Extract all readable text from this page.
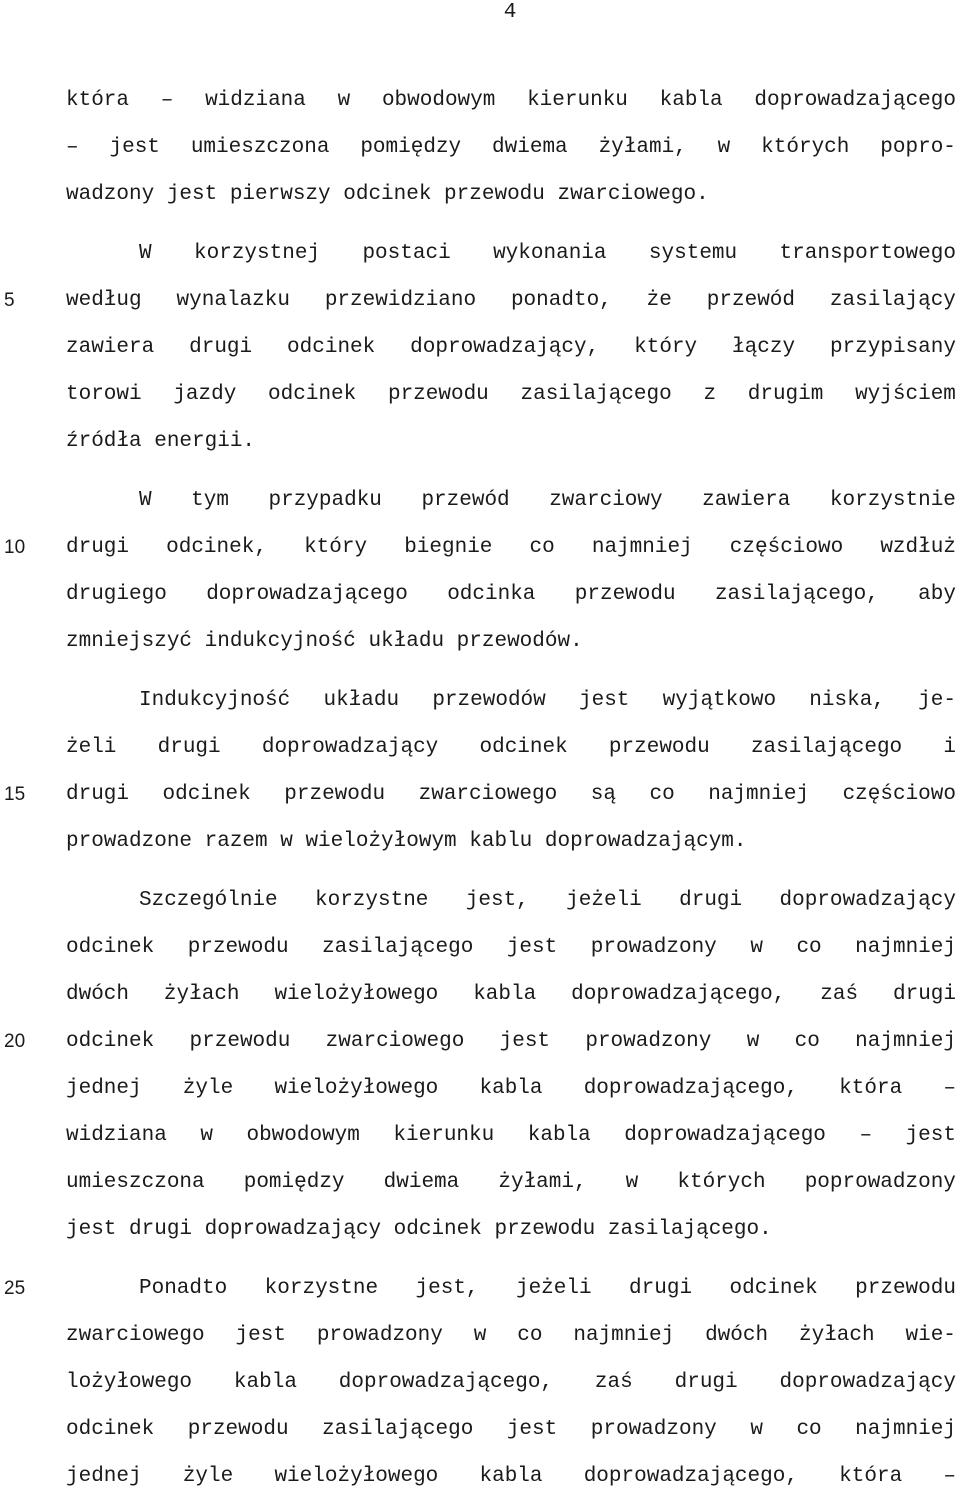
4
która – widziana w obwodowym kierunku kabla doprowadzającego
– jest umieszczona pomiędzy dwiema żyłami, w których popro-
wadzony jest pierwszy odcinek przewodu zwarciowego.
W korzystnej postaci wykonania systemu transportowego
według wynalazku przewidziano ponadto, że przewód zasilający
zawiera drugi odcinek doprowadzający, który łączy przypisany
torowi jazdy odcinek przewodu zasilającego z drugim wyjściem
źródła energii.
W tym przypadku przewód zwarciowy zawiera korzystnie
drugi odcinek, który biegnie co najmniej częściowo wzdłuż
drugiego doprowadzającego odcinka przewodu zasilającego, aby
zmniejszyć indukcyjność układu przewodów.
Indukcyjność układu przewodów jest wyjątkowo niska, je-
żeli drugi doprowadzający odcinek przewodu zasilającego i
drugi odcinek przewodu zwarciowego są co najmniej częściowo
prowadzone razem w wielożyłowym kablu doprowadzającym.
Szczególnie korzystne jest, jeżeli drugi doprowadzający
odcinek przewodu zasilającego jest prowadzony w co najmniej
dwóch żyłach wielożyłowego kabla doprowadzającego, zaś drugi
odcinek przewodu zwarciowego jest prowadzony w co najmniej
jednej żyle wielożyłowego kabla doprowadzającego, która –
widziana w obwodowym kierunku kabla doprowadzającego – jest
umieszczona pomiędzy dwiema żyłami, w których poprowadzony
jest drugi doprowadzający odcinek przewodu zasilającego.
Ponadto korzystne jest, jeżeli drugi odcinek przewodu
zwarciowego jest prowadzony w co najmniej dwóch żyłach wie-
lożyłowego kabla doprowadzającego, zaś drugi doprowadzający
odcinek przewodu zasilającego jest prowadzony w co najmniej
jednej żyle wielożyłowego kabla doprowadzającego, która –
5
10
15
20
25
